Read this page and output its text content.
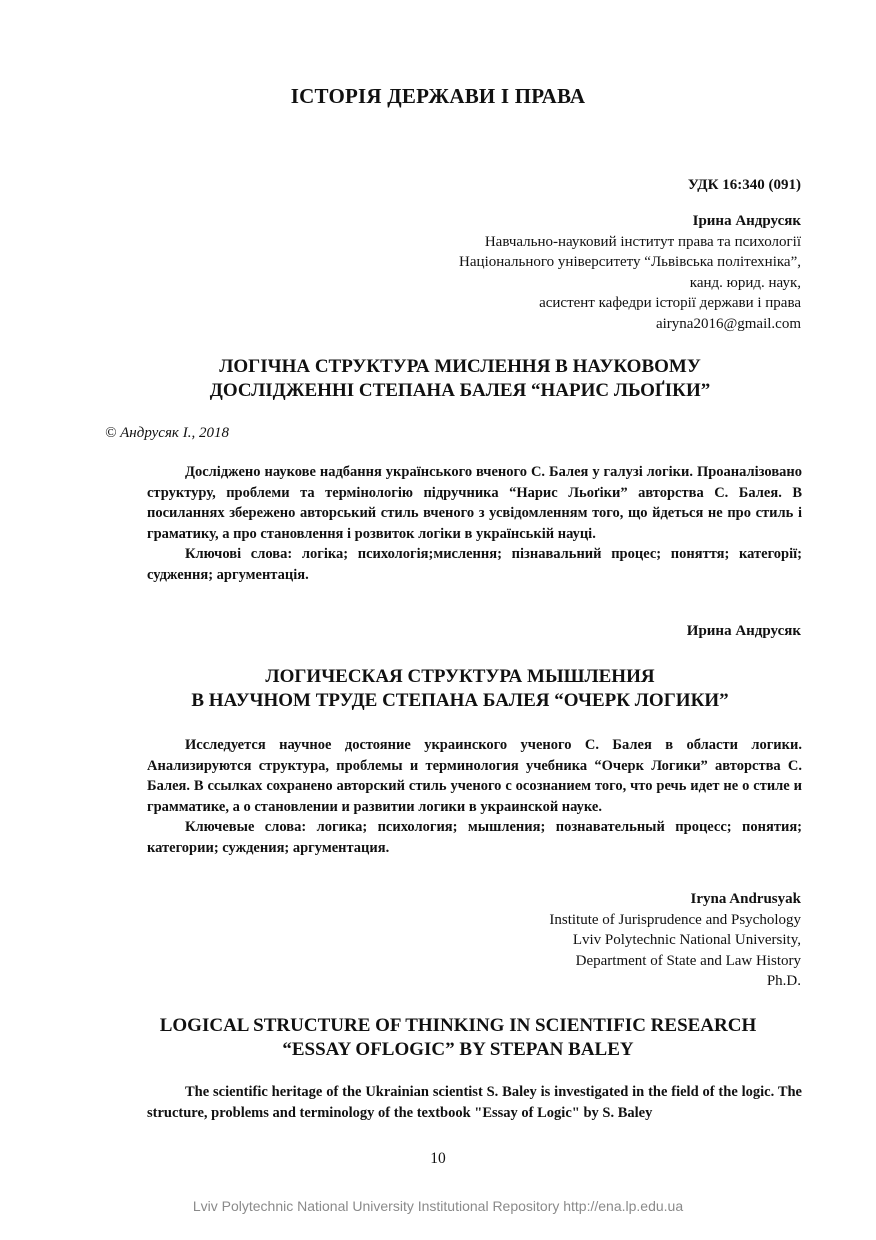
ІСТОРІЯ ДЕРЖАВИ І ПРАВА
УДК 16:340 (091)
Ірина Андрусяк
Навчально-науковий інститут права та психології
Національного університету “Львівська політехніка”,
канд. юрид. наук,
асистент кафедри історії держави і права
airyna2016@gmail.com
ЛОГІЧНА СТРУКТУРА МИСЛЕННЯ В НАУКОВОМУ
ДОСЛІДЖЕННІ СТЕПАНА БАЛЕЯ “НАРИС ЛЬОҐІКИ”
© Андрусяк І., 2018

Досліджено наукове надбання українського вченого С. Балея у галузі логіки. Проаналізовано структуру, проблеми та термінологію підручника “Нарис Льоґіки” авторства С. Балея. В посиланнях збережено авторський стиль вченого з усвідомленням того, що йдеться не про стиль і граматику, а про становлення і розвиток логіки в українській науці.

Ключові слова: логіка; психологія;мислення; пізнавальний процес; поняття; категорії; судження; аргументація.

Ирина Андрусяк
ЛОГИЧЕСКАЯ СТРУКТУРА МЫШЛЕНИЯ
В НАУЧНОМ ТРУДЕ СТЕПАНА БАЛЕЯ “ОЧЕРК ЛОГИКИ”

Исследуется научное достояние украинского ученого С. Балея в области логики. Анализируются структура, проблемы и терминология учебника “Очерк Логики” авторства С. Балея. В ссылках сохранено авторский стиль ученого с осознанием того, что речь идет не о стиле и грамматике, а о становлении и развитии логики в украинской науке.

Ключевые слова: логика; психология; мышления; познавательный процесс; понятия; категории; суждения; аргументация.

Iryna Andrusyak
Institute of Jurisprudence and Psychology
Lviv Polytechnic National University,
Department of State and Law History
Ph.D.
LOGICAL STRUCTURE OF THINKING IN SCIENTIFIC RESEARCH
“ESSAY OFLOGIC” BY STEPAN BALEY

The scientific heritage of the Ukrainian scientist S. Baley is investigated in the field of the logic. The structure, problems and terminology of the textbook "Essay of Logic" by S. Baley

10
Lviv Polytechnic National University Institutional Repository http://ena.lp.edu.ua
